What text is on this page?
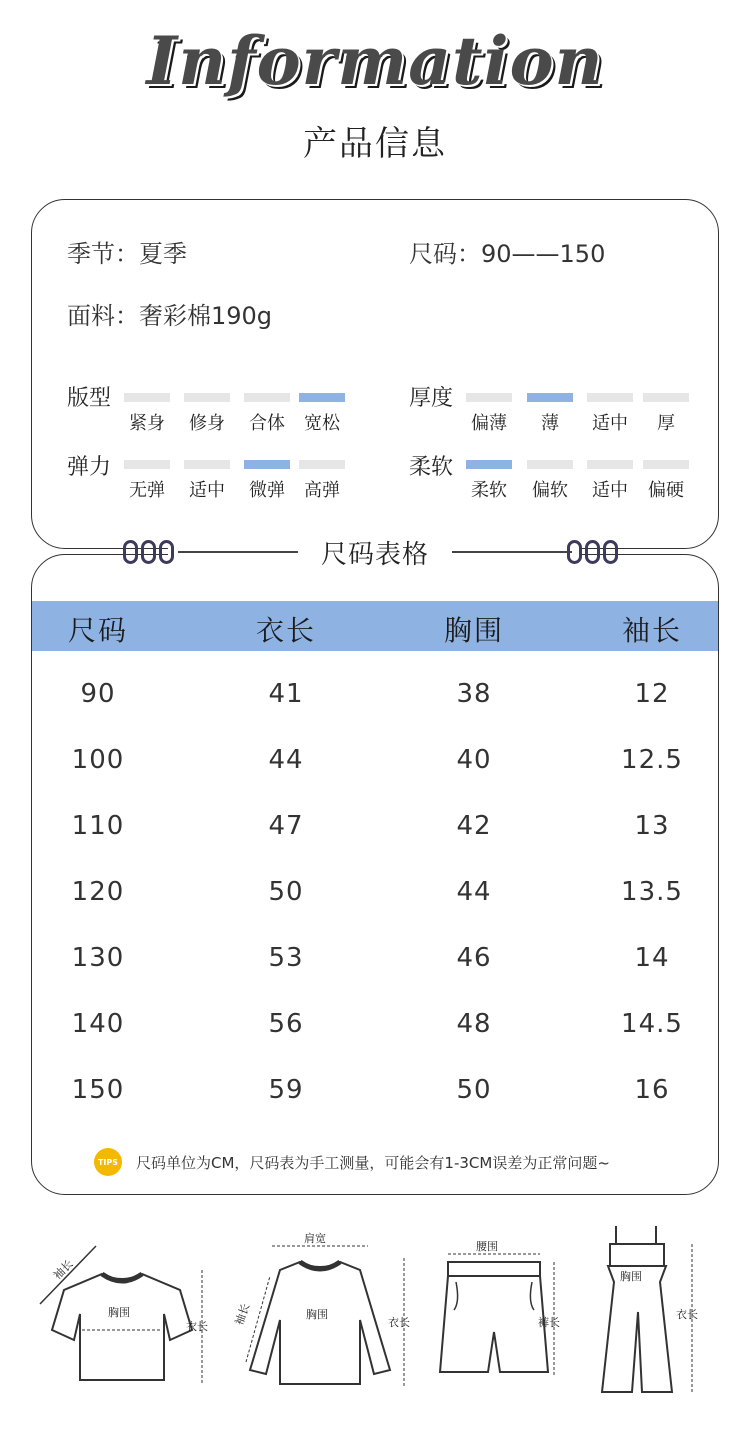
Information
产品信息
季节：夏季	尺码：90——150
面料：奢彩棉190g
版型
紧身	修身	合体	宽松
厚度
偏薄	薄	适中	厚
弹力
无弹	适中	微弹	高弹
柔软
柔软	偏软	适中	偏硬
尺码	衣长	胸围	袖长
90	41	38	12
100	44	40	12.5
110	47	42	13
120	50	44	13.5
130	53	46	14
140	56	48	14.5
150	59	50	16
TIPS 尺码单位为CM，尺码表为手工测量，可能会有1-3CM误差为正常问题~
尺码表格
袖长
胸围
衣长
肩宽
袖长	胸围
衣长
腰围
裤长
胸围
衣长
